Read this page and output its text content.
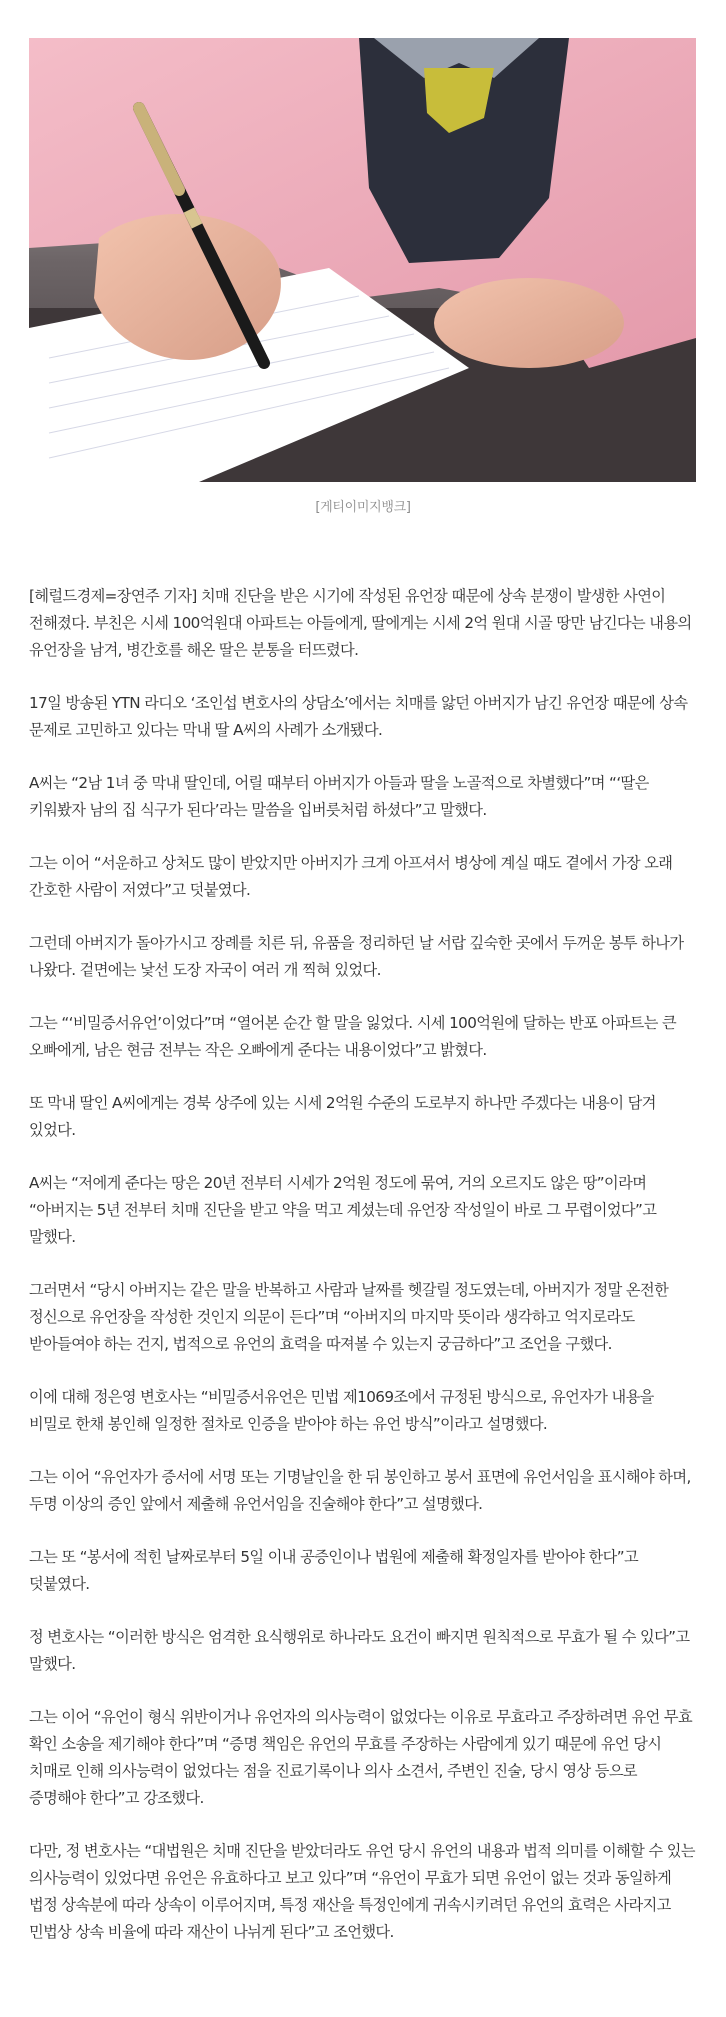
[게티이미지뱅크]

[헤럴드경제=장연주 기자] 치매 진단을 받은 시기에 작성된 유언장 때문에 상속 분쟁이 발생한 사연이 전해졌다. 부친은 시세 100억원대 아파트는 아들에게, 딸에게는 시세 2억 원대 시골 땅만 남긴다는 내용의 유언장을 남겨, 병간호를 해온 딸은 분통을 터뜨렸다.

17일 방송된 YTN 라디오 ‘조인섭 변호사의 상담소’에서는 치매를 앓던 아버지가 남긴 유언장 때문에 상속 문제로 고민하고 있다는 막내 딸 A씨의 사례가 소개됐다.

A씨는 “2남 1녀 중 막내 딸인데, 어릴 때부터 아버지가 아들과 딸을 노골적으로 차별했다”며 “‘딸은 키워봤자 남의 집 식구가 된다’라는 말씀을 입버릇처럼 하셨다”고 말했다.

그는 이어 “서운하고 상처도 많이 받았지만 아버지가 크게 아프셔서 병상에 계실 때도 곁에서 가장 오래 간호한 사람이 저였다”고 덧붙였다.

그런데 아버지가 돌아가시고 장례를 치른 뒤, 유품을 정리하던 날 서랍 깊숙한 곳에서 두꺼운 봉투 하나가 나왔다. 겉면에는 낯선 도장 자국이 여러 개 찍혀 있었다.

그는 “‘비밀증서유언’이었다”며 “열어본 순간 할 말을 잃었다. 시세 100억원에 달하는 반포 아파트는 큰 오빠에게, 남은 현금 전부는 작은 오빠에게 준다는 내용이었다”고 밝혔다.

또 막내 딸인 A씨에게는 경북 상주에 있는 시세 2억원 수준의 도로부지 하나만 주겠다는 내용이 담겨 있었다.

A씨는 “저에게 준다는 땅은 20년 전부터 시세가 2억원 정도에 묶여, 거의 오르지도 않은 땅”이라며 “아버지는 5년 전부터 치매 진단을 받고 약을 먹고 계셨는데 유언장 작성일이 바로 그 무렵이었다”고 말했다.

그러면서 “당시 아버지는 같은 말을 반복하고 사람과 날짜를 헷갈릴 정도였는데, 아버지가 정말 온전한 정신으로 유언장을 작성한 것인지 의문이 든다”며 “아버지의 마지막 뜻이라 생각하고 억지로라도 받아들여야 하는 건지, 법적으로 유언의 효력을 따져볼 수 있는지 궁금하다”고 조언을 구했다.

이에 대해 정은영 변호사는 “비밀증서유언은 민법 제1069조에서 규정된 방식으로, 유언자가 내용을 비밀로 한채 봉인해 일정한 절차로 인증을 받아야 하는 유언 방식”이라고 설명했다.

그는 이어 “유언자가 증서에 서명 또는 기명날인을 한 뒤 봉인하고 봉서 표면에 유언서임을 표시해야 하며, 두명 이상의 증인 앞에서 제출해 유언서임을 진술해야 한다”고 설명했다.

그는 또 “봉서에 적힌 날짜로부터 5일 이내 공증인이나 법원에 제출해 확정일자를 받아야 한다”고 덧붙였다.

정 변호사는 “이러한 방식은 엄격한 요식행위로 하나라도 요건이 빠지면 원칙적으로 무효가 될 수 있다”고 말했다.

그는 이어 “유언이 형식 위반이거나 유언자의 의사능력이 없었다는 이유로 무효라고 주장하려면 유언 무효 확인 소송을 제기해야 한다”며 “증명 책임은 유언의 무효를 주장하는 사람에게 있기 때문에 유언 당시 치매로 인해 의사능력이 없었다는 점을 진료기록이나 의사 소견서, 주변인 진술, 당시 영상 등으로 증명해야 한다”고 강조했다.

다만, 정 변호사는 “대법원은 치매 진단을 받았더라도 유언 당시 유언의 내용과 법적 의미를 이해할 수 있는 의사능력이 있었다면 유언은 유효하다고 보고 있다”며 “유언이 무효가 되면 유언이 없는 것과 동일하게 법정 상속분에 따라 상속이 이루어지며, 특정 재산을 특정인에게 귀속시키려던 유언의 효력은 사라지고 민법상 상속 비율에 따라 재산이 나뉘게 된다”고 조언했다.
